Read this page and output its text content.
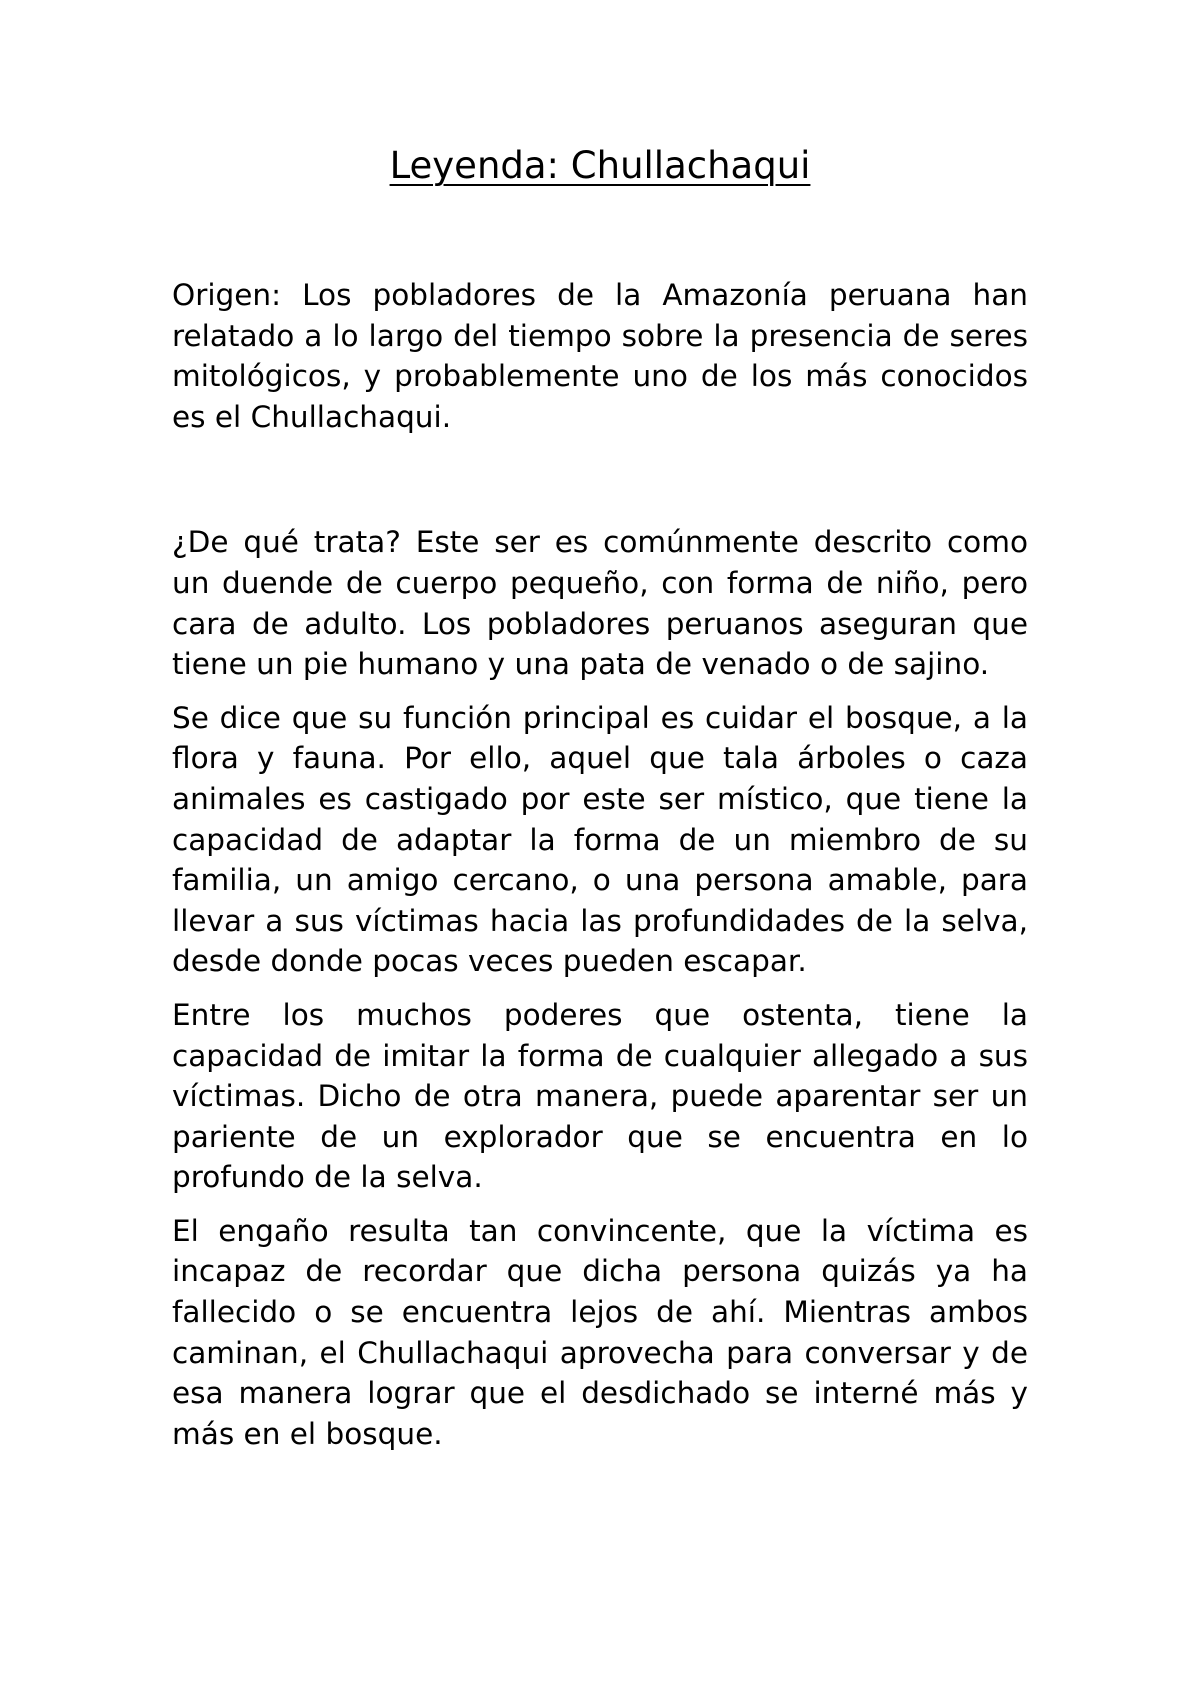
Leyenda: Chullachaqui

Origen: Los pobladores de la Amazonía peruana han relatado a lo largo del tiempo sobre la presencia de seres mitológicos, y probablemente uno de los más conocidos es el Chullachaqui.

¿De qué trata? Este ser es comúnmente descrito como un duende de cuerpo pequeño, con forma de niño, pero cara de adulto. Los pobladores peruanos aseguran que tiene un pie humano y una pata de venado o de sajino.

Se dice que su función principal es cuidar el bosque, a la flora y fauna. Por ello, aquel que tala árboles o caza animales es castigado por este ser místico, que tiene la capacidad de adaptar la forma de un miembro de su familia, un amigo cercano, o una persona amable, para llevar a sus víctimas hacia las profundidades de la selva, desde donde pocas veces pueden escapar.

Entre los muchos poderes que ostenta, tiene la capacidad de imitar la forma de cualquier allegado a sus víctimas. Dicho de otra manera, puede aparentar ser un pariente de un explorador que se encuentra en lo profundo de la selva.

El engaño resulta tan convincente, que la víctima es incapaz de recordar que dicha persona quizás ya ha fallecido o se encuentra lejos de ahí. Mientras ambos caminan, el Chullachaqui aprovecha para conversar y de esa manera lograr que el desdichado se interné más y más en el bosque.
